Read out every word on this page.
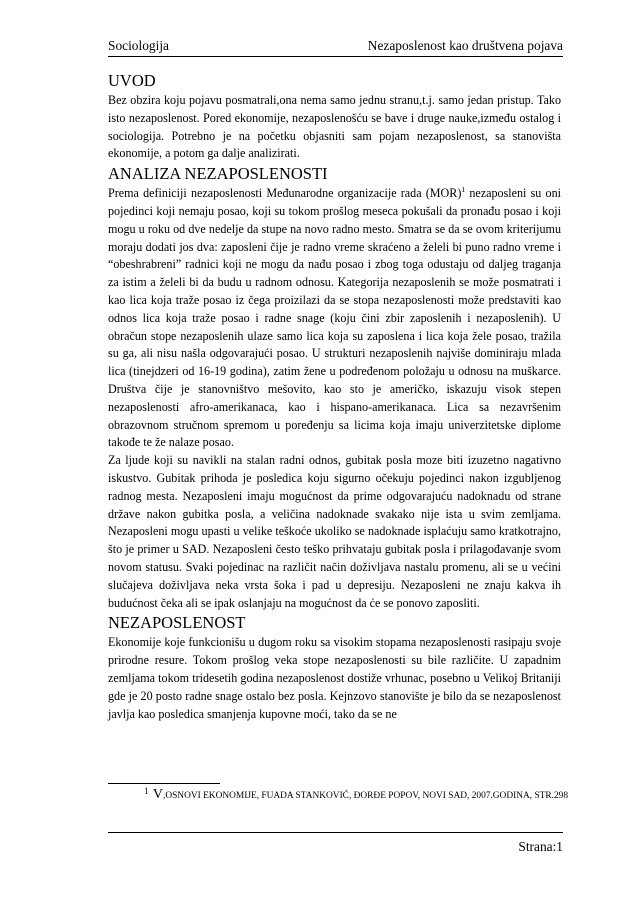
Sociologija	Nezaposlenost kao društvena pojava
UVOD

Bez obzira koju pojavu posmatrali,ona nema samo jednu stranu,t.j. samo jedan pristup. Tako isto nezaposlenost. Pored ekonomije, nezaposlenošću se bave i druge nauke,između ostalog i sociologija. Potrebno je na početku objasniti sam pojam nezaposlenost, sa stanovišta ekonomije, a potom ga dalje analizirati.

ANALIZA NEZAPOSLENOSTI

Prema definiciji nezaposlenosti Međunarodne organizacije rada (MOR)$^1$ nezaposleni su oni pojedinci koji nemaju posao, koji su tokom prošlog meseca pokušali da pronađu posao i koji mogu u roku od dve nedelje da stupe na novo radno mesto. Smatra se da se ovom kriterijumu moraju dodati jos dva: zaposleni čije je radno vreme skraćeno a želeli bi puno radno vreme i “obeshrabreni” radnici koji ne mogu da nađu posao i zbog toga odustaju od daljeg traganja za istim a želeli bi da budu u radnom odnosu. Kategorija nezaposlenih se može posmatrati i kao lica koja traže posao iz čega proizilazi da se stopa nezaposlenosti može predstaviti kao odnos lica koja traže posao i radne snage (koju čini zbir zaposlenih i nezaposlenih). U obračun stope nezaposlenih ulaze samo lica koja su zaposlena i lica koja žele posao, tražila su ga, ali nisu našla odgovarajući posao. U strukturi nezaposlenih najviše dominiraju mlada lica (tinejdzeri od 16-19 godina), zatim žene u podređenom položaju u odnosu na muškarce. Društva čije je stanovništvo mešovito, kao sto je američko, iskazuju visok stepen nezaposlenosti afro-amerikanaca, kao i hispano-amerikanaca. Lica sa nezavršenim obrazovnom stručnom spremom u poređenju sa licima koja imaju univerzitetske diplome takođe te že nalaze posao.

Za ljude koji su navikli na stalan radni odnos, gubitak posla moze biti izuzetno nagativno iskustvo. Gubitak prihoda je posledica koju sigurno očekuju pojedinci nakon izgubljenog radnog mesta. Nezaposleni imaju mogućnost da prime odgovarajuću nadoknadu od strane države nakon gubitka posla, a veličina nadoknade svakako nije ista u svim zemljama. Nezaposleni mogu upasti u velike teškoće ukoliko se nadoknade isplaćuju samo kratkotrajno, što je primer u SAD. Nezaposleni često teško prihvataju gubitak posla i prilagođavanje svom novom statusu. Svaki pojedinac na različit način doživljava nastalu promenu, ali se u većini slučajeva doživljava neka vrsta šoka i pad u depresiju. Nezaposleni ne znaju kakva ih budućnost čeka ali se ipak oslanjaju na mogućnost da će se ponovo zaposliti.

NEZAPOSLENOST

Ekonomije koje funkcionišu u dugom roku sa visokim stopama nezaposlenosti rasipaju svoje prirodne resure. Tokom prošlog veka stope nezaposlenosti su bile različite. U zapadnim zemljama tokom tridesetih godina nezaposlenost dostiže vrhunac, posebno u Velikoj Britaniji gde je 20 posto radne snage ostalo bez posla. Kejnzovo stanovište je bilo da se nezaposlenost javlja kao posledica smanjenja kupovne moći, tako da se ne

$^1$ V,OSNOVI EKONOMIJE, FUADA STANKOVIĆ, ĐORĐE POPOV, NOVI SAD, 2007.GODINA, STR.298
Strana:1
